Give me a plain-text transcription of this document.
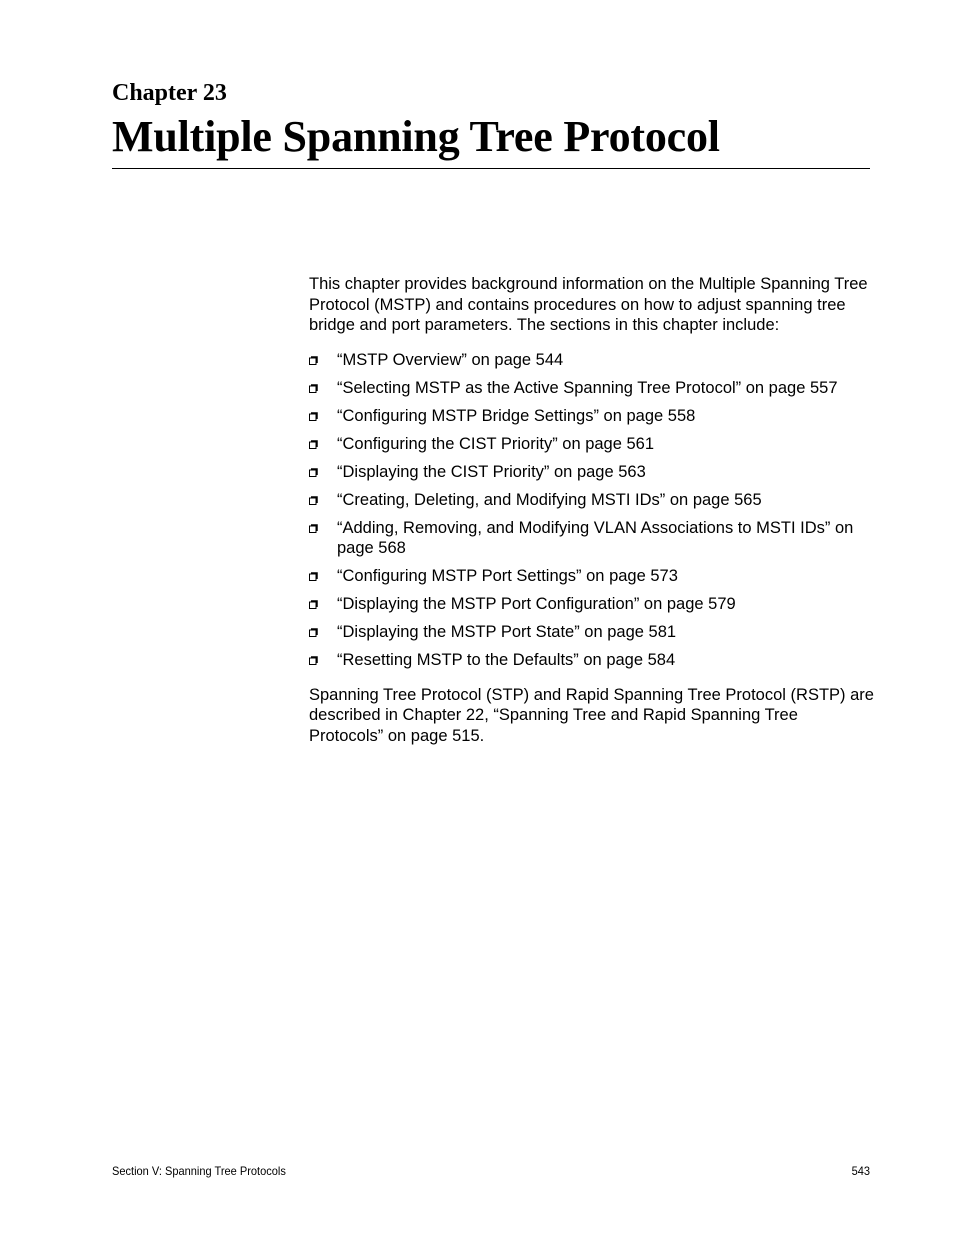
Chapter 23

Multiple Spanning Tree Protocol

This chapter provides background information on the Multiple Spanning Tree Protocol (MSTP) and contains procedures on how to adjust spanning tree bridge and port parameters. The sections in this chapter include:

“MSTP Overview” on page 544
“Selecting MSTP as the Active Spanning Tree Protocol” on page 557
“Configuring MSTP Bridge Settings” on page 558
“Configuring the CIST Priority” on page 561
“Displaying the CIST Priority” on page 563
“Creating, Deleting, and Modifying MSTI IDs” on page 565
“Adding, Removing, and Modifying VLAN Associations to MSTI IDs” on page 568
“Configuring MSTP Port Settings” on page 573
“Displaying the MSTP Port Configuration” on page 579
“Displaying the MSTP Port State” on page 581
“Resetting MSTP to the Defaults” on page 584

Spanning Tree Protocol (STP) and Rapid Spanning Tree Protocol (RSTP) are described in Chapter 22, “Spanning Tree and Rapid Spanning Tree Protocols” on page 515.

Section V: Spanning Tree Protocols	543
